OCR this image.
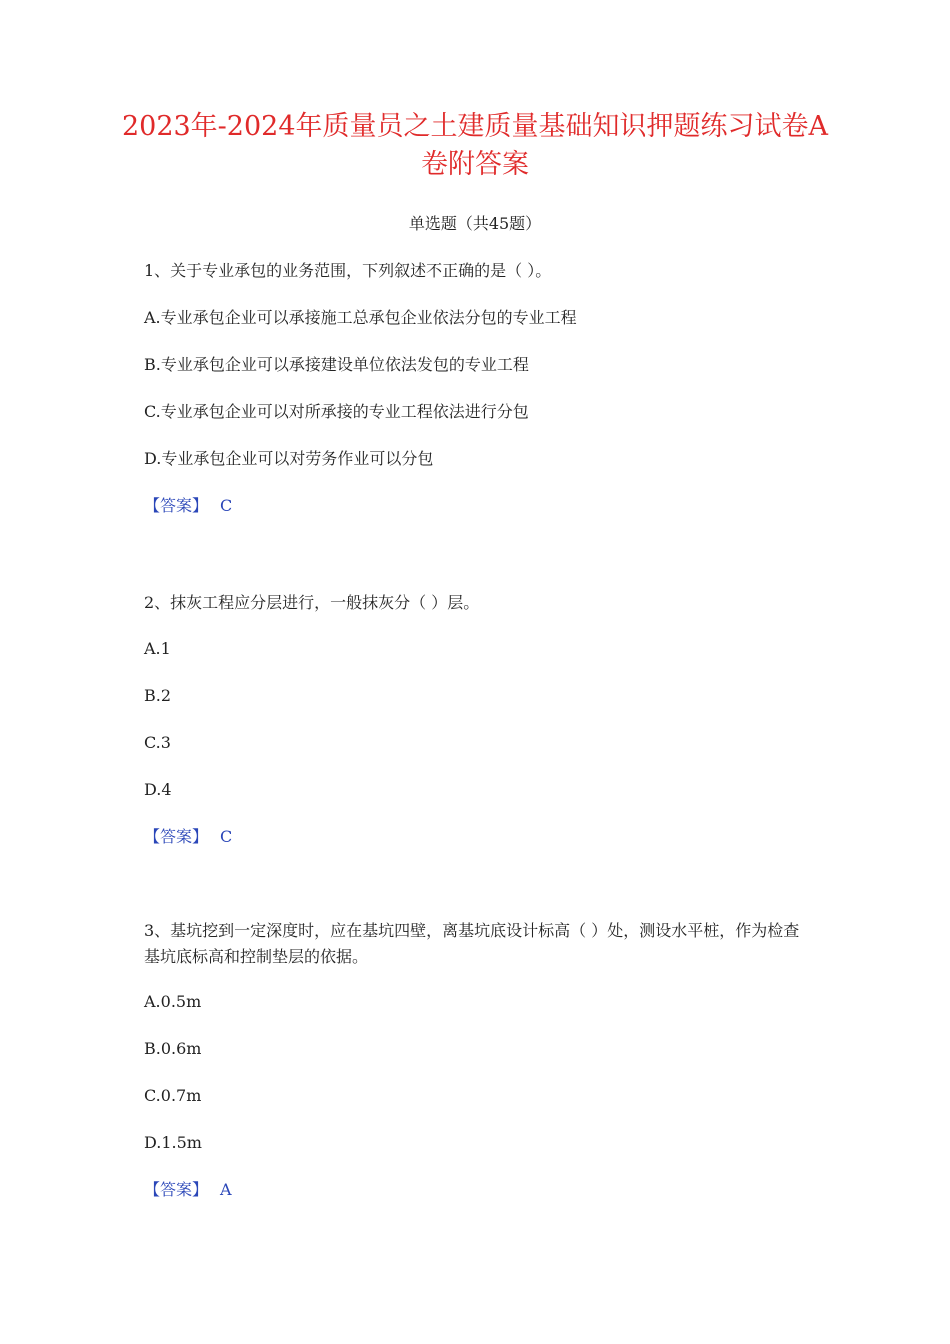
2023年-2024年质量员之土建质量基础知识押题练习试卷A卷附答案
单选题（共45题）

1、关于专业承包的业务范围，下列叙述不正确的是（ ）。

A.专业承包企业可以承接施工总承包企业依法分包的专业工程
B.专业承包企业可以承接建设单位依法发包的专业工程
C.专业承包企业可以对所承接的专业工程依法进行分包
D.专业承包企业可以对劳务作业可以分包
【答案】 C

2、抹灰工程应分层进行，一般抹灰分（ ）层。

A.1
B.2
C.3
D.4
【答案】 C

3、基坑挖到一定深度时，应在基坑四壁，离基坑底设计标高（ ）处，测设水平桩，作为检查基坑底标高和控制垫层的依据。

A.0.5m
B.0.6m
C.0.7m
D.1.5m
【答案】 A
